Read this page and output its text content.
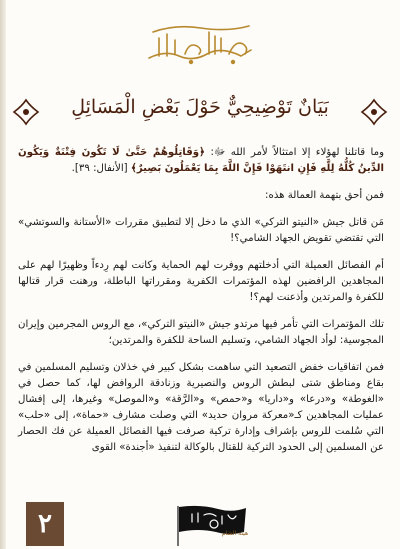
بَيَانٌ تَوْضِيحِيٌّ حَوْلَ بَعْضِ الْمَسَائِلِ

وما قاتلنا لهؤلاء إلا امتثالاً لأمر الله ﷻ: ﴿وَقَاتِلُوهُمْ حَتَّىٰ لَا تَكُونَ فِتْنَةٌ وَيَكُونَ الدِّينُ كُلُّهُ لِلَّهِ فَإِنِ انتَهَوْا فَإِنَّ اللَّهَ بِمَا يَعْمَلُونَ بَصِيرٌ﴾ [الأنفال: ٣٩].

فمن أحق بتهمة العمالة هذه:

مَن قاتل جيش «النيتو التركي» الذي ما دخل إلا لتطبيق مقررات «الأستانة والسوتشي» التي تقتضي تقويض الجهاد الشامي؟!

أم الفصائل العميلة التي أدخلتهم ووفرت لهم الحماية وكانت لهم رِدءاً وظهيرًا لهم على المجاهدين الرافضين لهذه المؤتمرات الكفرية ومقرراتها الباطلة، ورهنت قرار قتالها للكفرة والمرتدين وأذعنت لهم؟!

تلك المؤتمرات التي تأمر فيها مرتدو جيش «النيتو التركي»، مع الروس المجرمين وإيران المجوسية: لوأد الجهاد الشامي، وتسليم الساحة للكفرة والمرتدين؛

فمن اتفاقيات خفض التصعيد التي ساهمت بشكل كبير في خذلان وتسليم المسلمين في بقاع ومناطق شتى لبطش الروس والنصيرية وزنادقة الروافض لها، كما حصل في «الغوطة» و«درعا» و«داريا» و«حمص» و«الرَّقة» و«الموصل» وغيرها، إلى إفشال عمليات المجاهدين كـ«معركة مروان حديد» التي وصلت مشارف «حماة»، إلى «حلب» التي سُلمت للروس بإشراف وإدارة تركية صرفت فيها الفصائل العميلة عن فك الحصار عن المسلمين إلى الحدود التركية للقتال بالوكالة لتنفيذ «أجندة» القوى

٢	هيئة الشام
